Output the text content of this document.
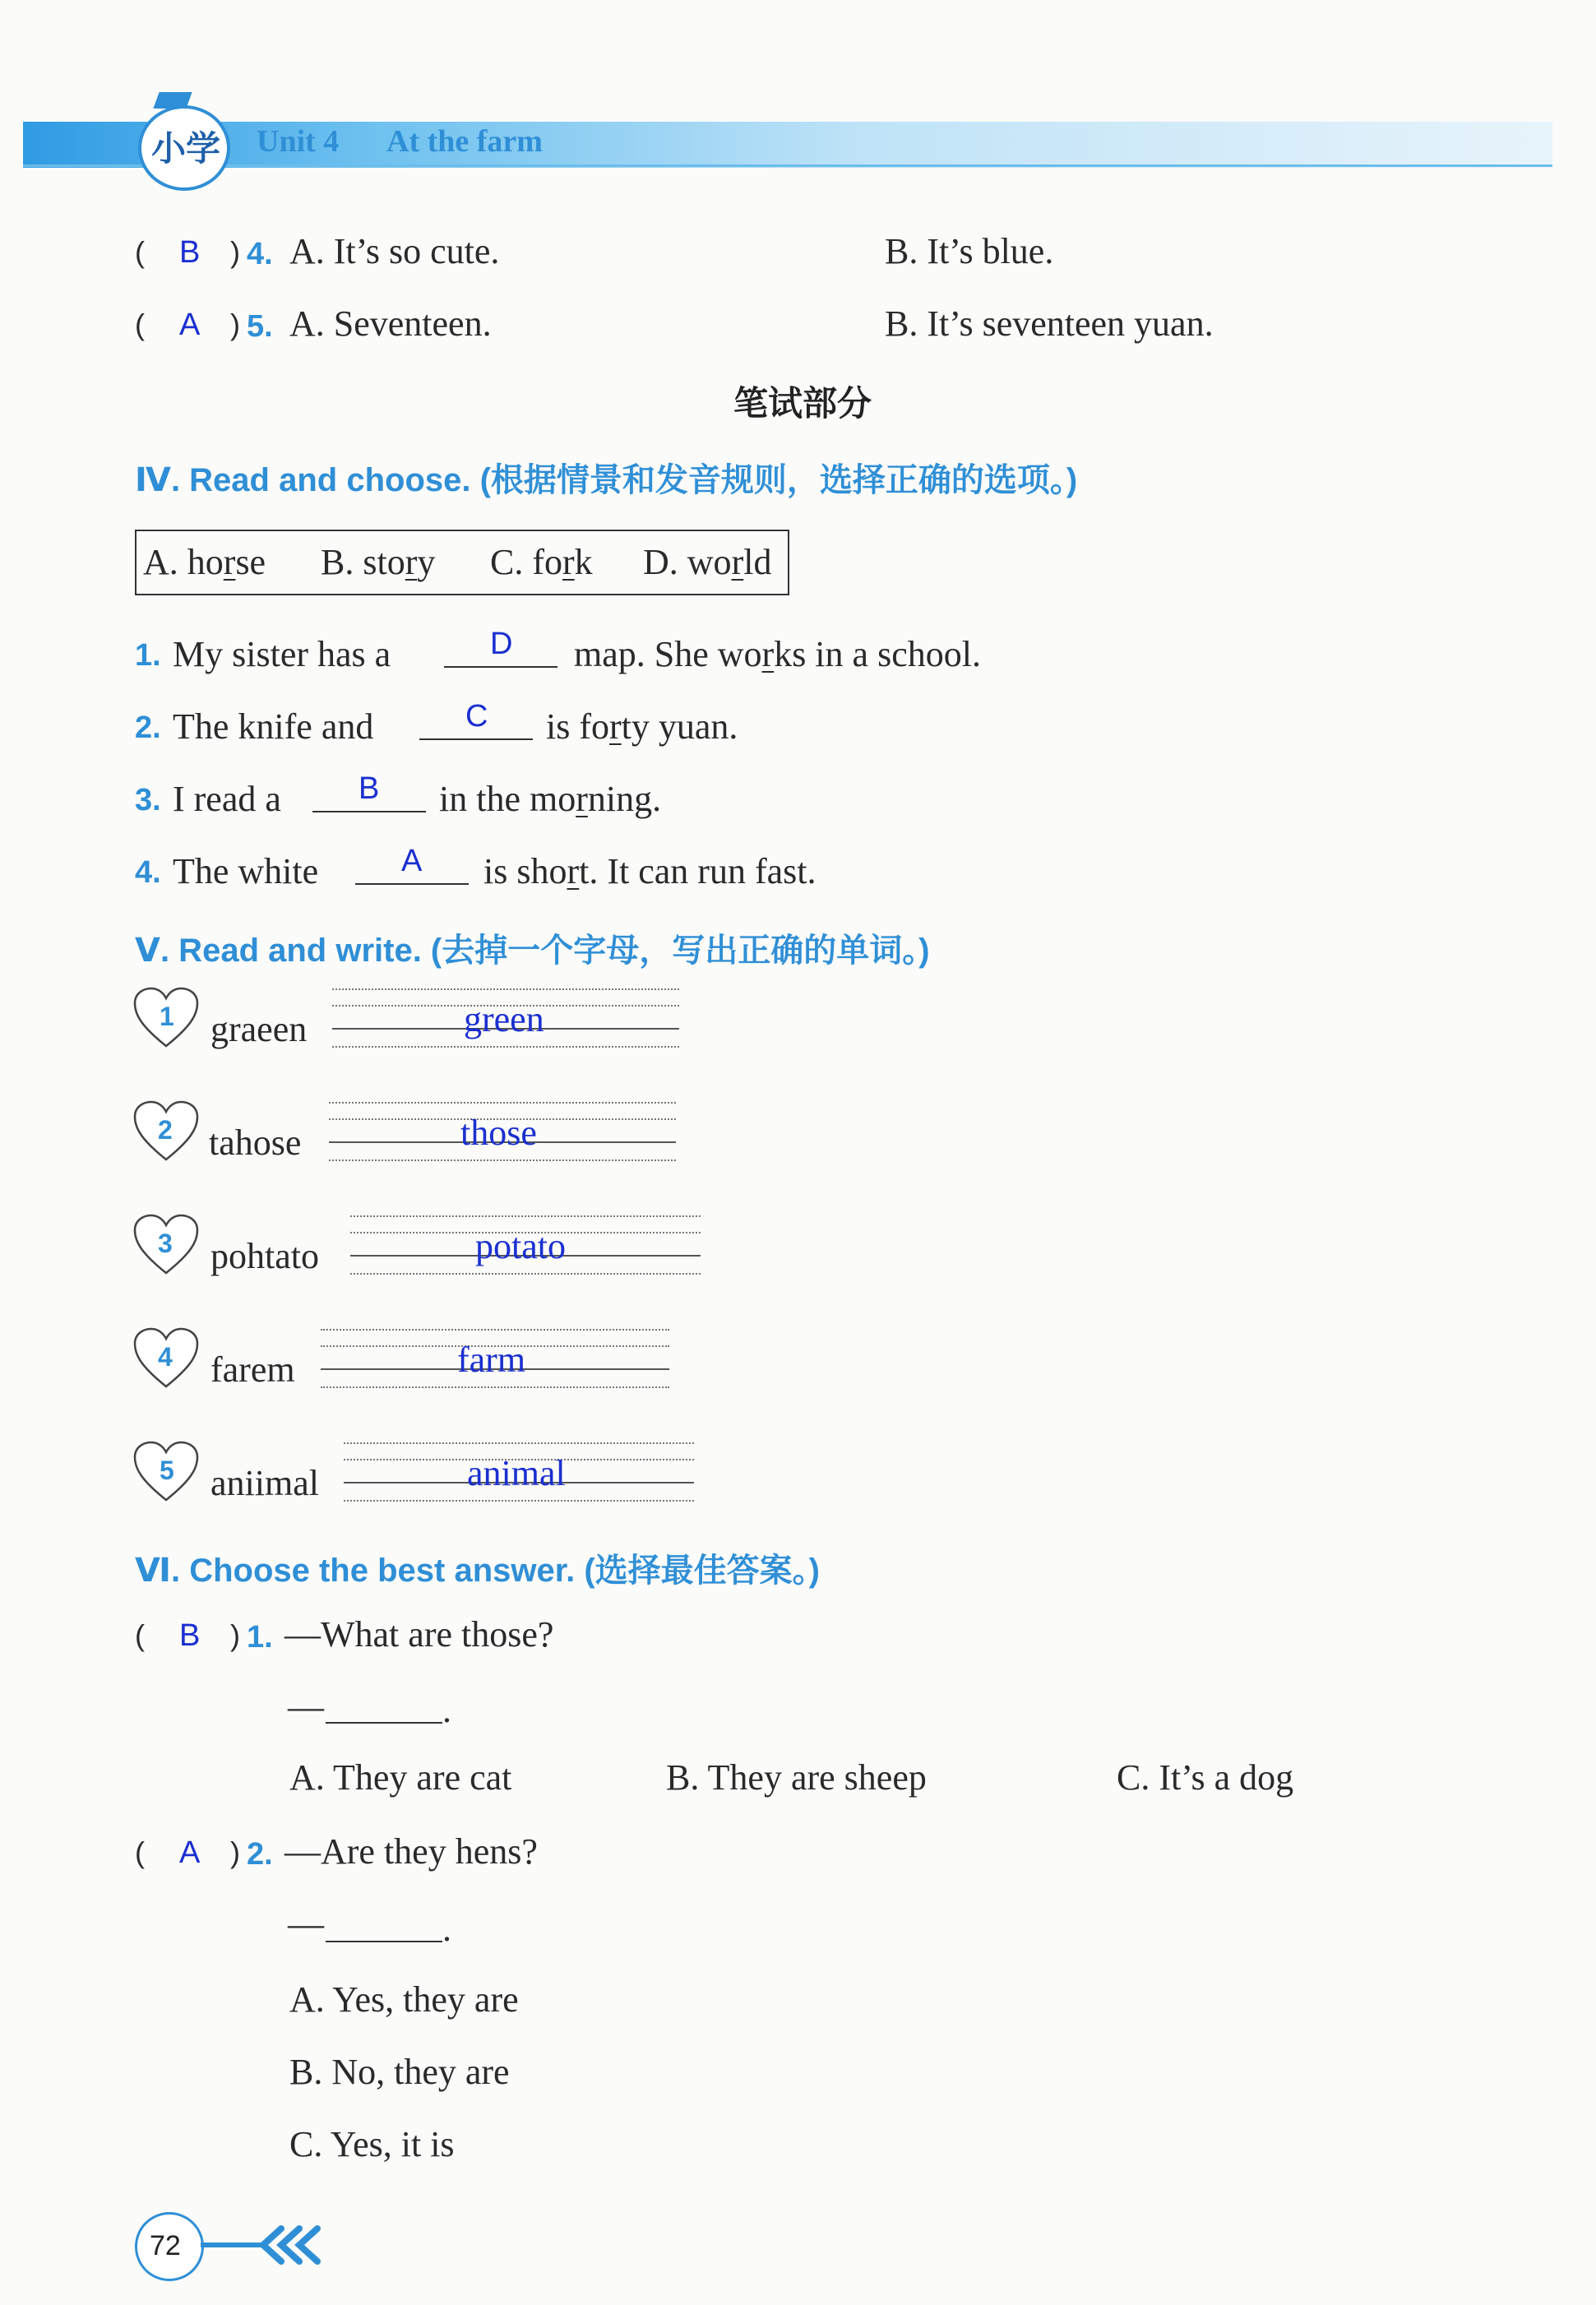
小学 Unit 4 At the farm
( B ) 4. A. It’s so cute.	B. It’s blue.
( A ) 5. A. Seventeen.	B. It’s seventeen yuan.
笔试部分
Ⅳ. Read and choose. (根据情景和发音规则，选择正确的选项。)
A. horse B. story C. fork D. world
1. My sister has a	D map. She works in a school.
2. The knife and	C is forty yuan.
3. I read a B in the morning.
4. The white	A is short. It can run fast.
Ⅴ. Read and write. (去掉一个字母，写出正确的单词。)
1 graeen	green
2 tahose	those
3 pohtato	potato
4 farem	farm
5 aniimal	animal
Ⅵ. Choose the best answer. (选择最佳答案。)
( B ) 1. —What are those?
—	.
A. They are cat	B. They are sheep	C. It’s a dog
( A ) 2. —Are they hens?
—	.
A. Yes, they are
B. No, they are
C. Yes, it is
72
